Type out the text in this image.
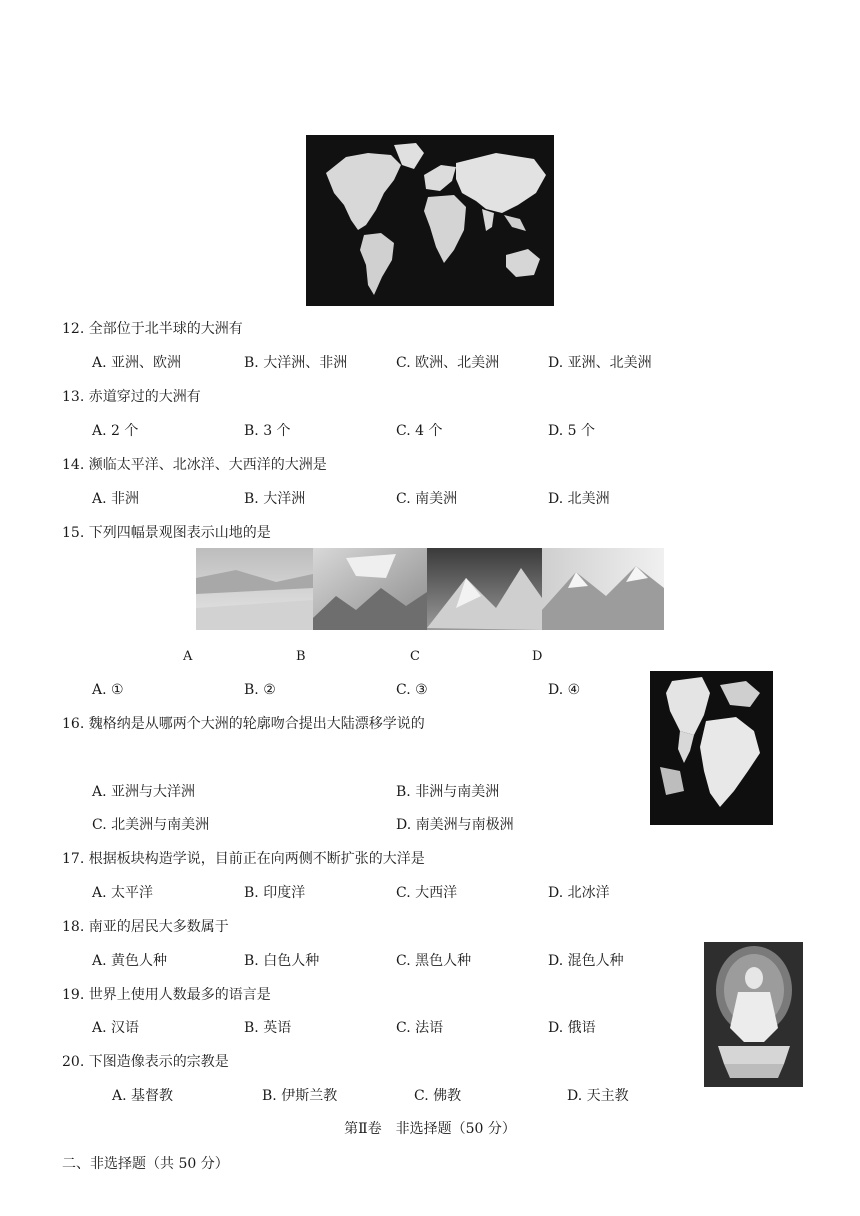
12. 全部位于北半球的大洲有
A. 亚洲、欧洲	B. 大洋洲、非洲	C. 欧洲、北美洲	D. 亚洲、北美洲
13. 赤道穿过的大洲有
A. 2 个	B. 3 个	C. 4 个	D. 5 个
14. 濒临太平洋、北冰洋、大西洋的大洲是
A. 非洲	B. 大洋洲	C. 南美洲	D. 北美洲
15. 下列四幅景观图表示山地的是
A	B	C	D
A. ①	B. ②	C. ③	D. ④
16. 魏格纳是从哪两个大洲的轮廓吻合提出大陆漂移学说的
A. 亚洲与大洋洲	B. 非洲与南美洲
C. 北美洲与南美洲	D. 南美洲与南极洲
17. 根据板块构造学说，目前正在向两侧不断扩张的大洋是
A. 太平洋	B. 印度洋	C. 大西洋	D. 北冰洋
18. 南亚的居民大多数属于
A. 黄色人种	B. 白色人种	C. 黑色人种	D. 混色人种
19. 世界上使用人数最多的语言是
A. 汉语	B. 英语	C. 法语	D. 俄语
20. 下图造像表示的宗教是
A. 基督教	B. 伊斯兰教	C. 佛教	D. 天主教
第Ⅱ卷　非选择题（50 分）
二、非选择题（共 50 分）
